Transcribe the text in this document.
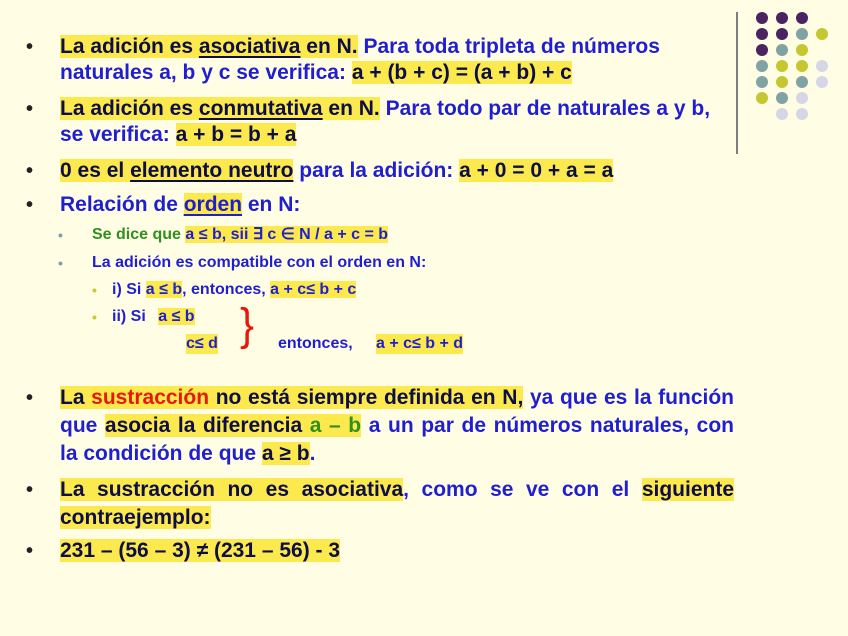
• La adición es asociativa en N. Para toda tripleta de números naturales a, b y c se verifica: a + (b + c) = (a + b) + c
• La adición es conmutativa en N. Para todo par de naturales a y b, se verifica: a + b = b + a
• 0 es el elemento neutro para la adición: a + 0 = 0 + a = a
• Relación de orden en N:
• Se dice que a ≤ b, sii ∃ c ∈ N / a + c = b
• La adición es compatible con el orden en N:
• i) Si a ≤ b, entonces, a + c≤ b + c
• ii) Si a ≤ b
c≤ d } entonces, a + c≤ b + d
• La sustracción no está siempre definida en N, ya que es la función que asocia la diferencia a – b a un par de números naturales, con la condición de que a ≥ b.
• La sustracción no es asociativa, como se ve con el siguiente contraejemplo:
• 231 – (56 – 3) ≠ (231 – 56) - 3
